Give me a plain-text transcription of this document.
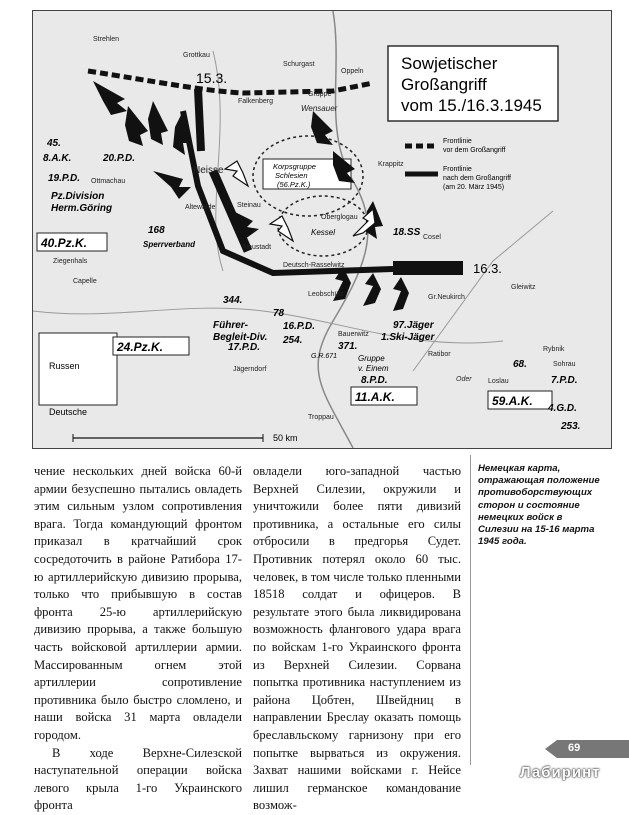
Sowjetischer
Großangriff
vom 15./16.3.1945
Frontlinie
vor dem Großangriff
Frontlinie
nach dem Großangriff
(am 20. März 1945)
16.3.
15.3.
Korpsgruppe
Schlesien
(56.Pz.K.)
Kessel
Russen
Deutsche
8.A.K.
45.
20.P.D.
19.P.D.
Pz.Division
Herm.Göring
40.Pz.K.
168
Sperrverband
18.SS
344.
Führer-
Begleit-Div.
24.Pz.K.	17.P.D.
16.P.D.
254.
371.
97.Jäger
1.Ski-Jäger
Gruppe
v. Einem
8.P.D.
11.A.K.	59.A.K.
7.P.D.
4.G.D.
253.
68.
78
G.R.671
Strehlen
Grottkau
Schurgast
Oppeln
Falkenberg
Gruppe
Wensauer
Neisse
Ottmachau
Ziegenhals
Capelle
Steinau
Neustadt
Oberglogau
Krappitz
Cosel
Gleiwitz
Leobschütz
Bauerwitz
Ratibor
Rybnik
Sohrau
Jägerndorf
Troppau
Loslau
Gr.Neukirch
Altewalde
Deutsch-Rasselwitz
Oder
50 km

чение нескольких дней войска 60-й армии безуспешно пытались овладеть этим сильным узлом сопротивления врага. Тогда командующий фронтом приказал в кратчайший срок сосредоточить в районе Ратибора 17-ю артиллерийскую дивизию прорыва, только что прибывшую в состав фронта 25-ю артиллерийскую дивизию прорыва, а также большую часть войсковой артиллерии армии. Массированным огнем этой артиллерии сопротивление противника было быстро сломлено, и наши войска 31 марта овладели городом.

В ходе Верхне-Силезской наступательной операции войска левого крыла 1-го Украинского фронта

овладели юго-западной частью Верхней Силезии, окружили и уничтожили более пяти дивизий противника, а остальные его силы отбросили в предгорья Судет. Противник потерял около 60 тыс. человек, в том числе только пленными 18518 солдат и офицеров. В результате этого была ликвидирована возможность флангового удара врага по войскам 1-го Украинского фронта из Верхней Силезии. Сорвана попытка противника наступлением из района Цобтен, Швейдниц в направлении Бреслау оказать помощь бреславльскому гарнизону при его попытке вырваться из окружения. Захват нашими войсками г. Нейсе лишил германское командование возмож-

Немецкая карта, отражающая положение противоборствующих сторон и состояние немецких войск в Силезии на 15-16 марта 1945 года.
69
Лабиринт
